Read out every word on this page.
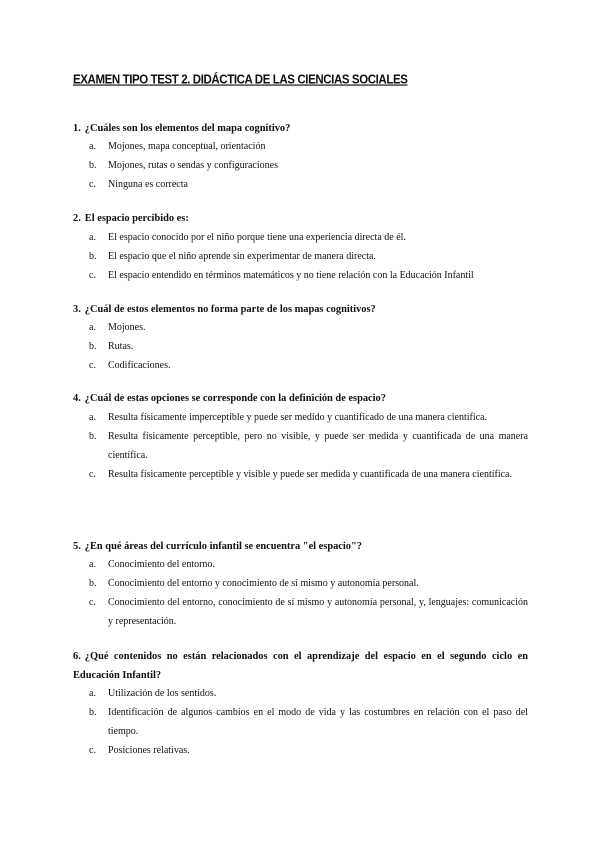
EXAMEN TIPO TEST 2. DIDÁCTICA DE LAS CIENCIAS SOCIALES
1. ¿Cuáles son los elementos del mapa cognitivo?
a. Mojones, mapa conceptual, orientación
b. Mojones, rutas o sendas y configuraciones
c. Ninguna es correcta
2. El espacio percibido es:
a. El espacio conocido por el niño porque tiene una experiencia directa de él.
b. El espacio que el niño aprende sin experimentar de manera directa.
c. El espacio entendido en términos matemáticos y no tiene relación con la Educación Infantil
3. ¿Cuál de estos elementos no forma parte de los mapas cognitivos?
a. Mojones.
b. Rutas.
c. Codificaciones.
4. ¿Cuál de estas opciones se corresponde con la definición de espacio?
a. Resulta físicamente imperceptible y puede ser medido y cuantificado de una manera científica.
b. Resulta físicamente perceptible, pero no visible, y puede ser medida y cuantificada de una manera científica.
c. Resulta físicamente perceptible y visible y puede ser medida y cuantificada de una manera científica.
5. ¿En qué áreas del currículo infantil se encuentra "el espacio"?
a. Conocimiento del entorno.
b. Conocimiento del entorno y conocimiento de sí mismo y autonomía personal.
c. Conocimiento del entorno, conocimiento de sí mismo y autonomía personal, y, lenguajes: comunicación y representación.
6. ¿Qué contenidos no están relacionados con el aprendizaje del espacio en el segundo ciclo en Educación Infantil?
a. Utilización de los sentidos.
b. Identificación de algunos cambios en el modo de vida y las costumbres en relación con el paso del tiempo.
c. Posiciones relativas.
